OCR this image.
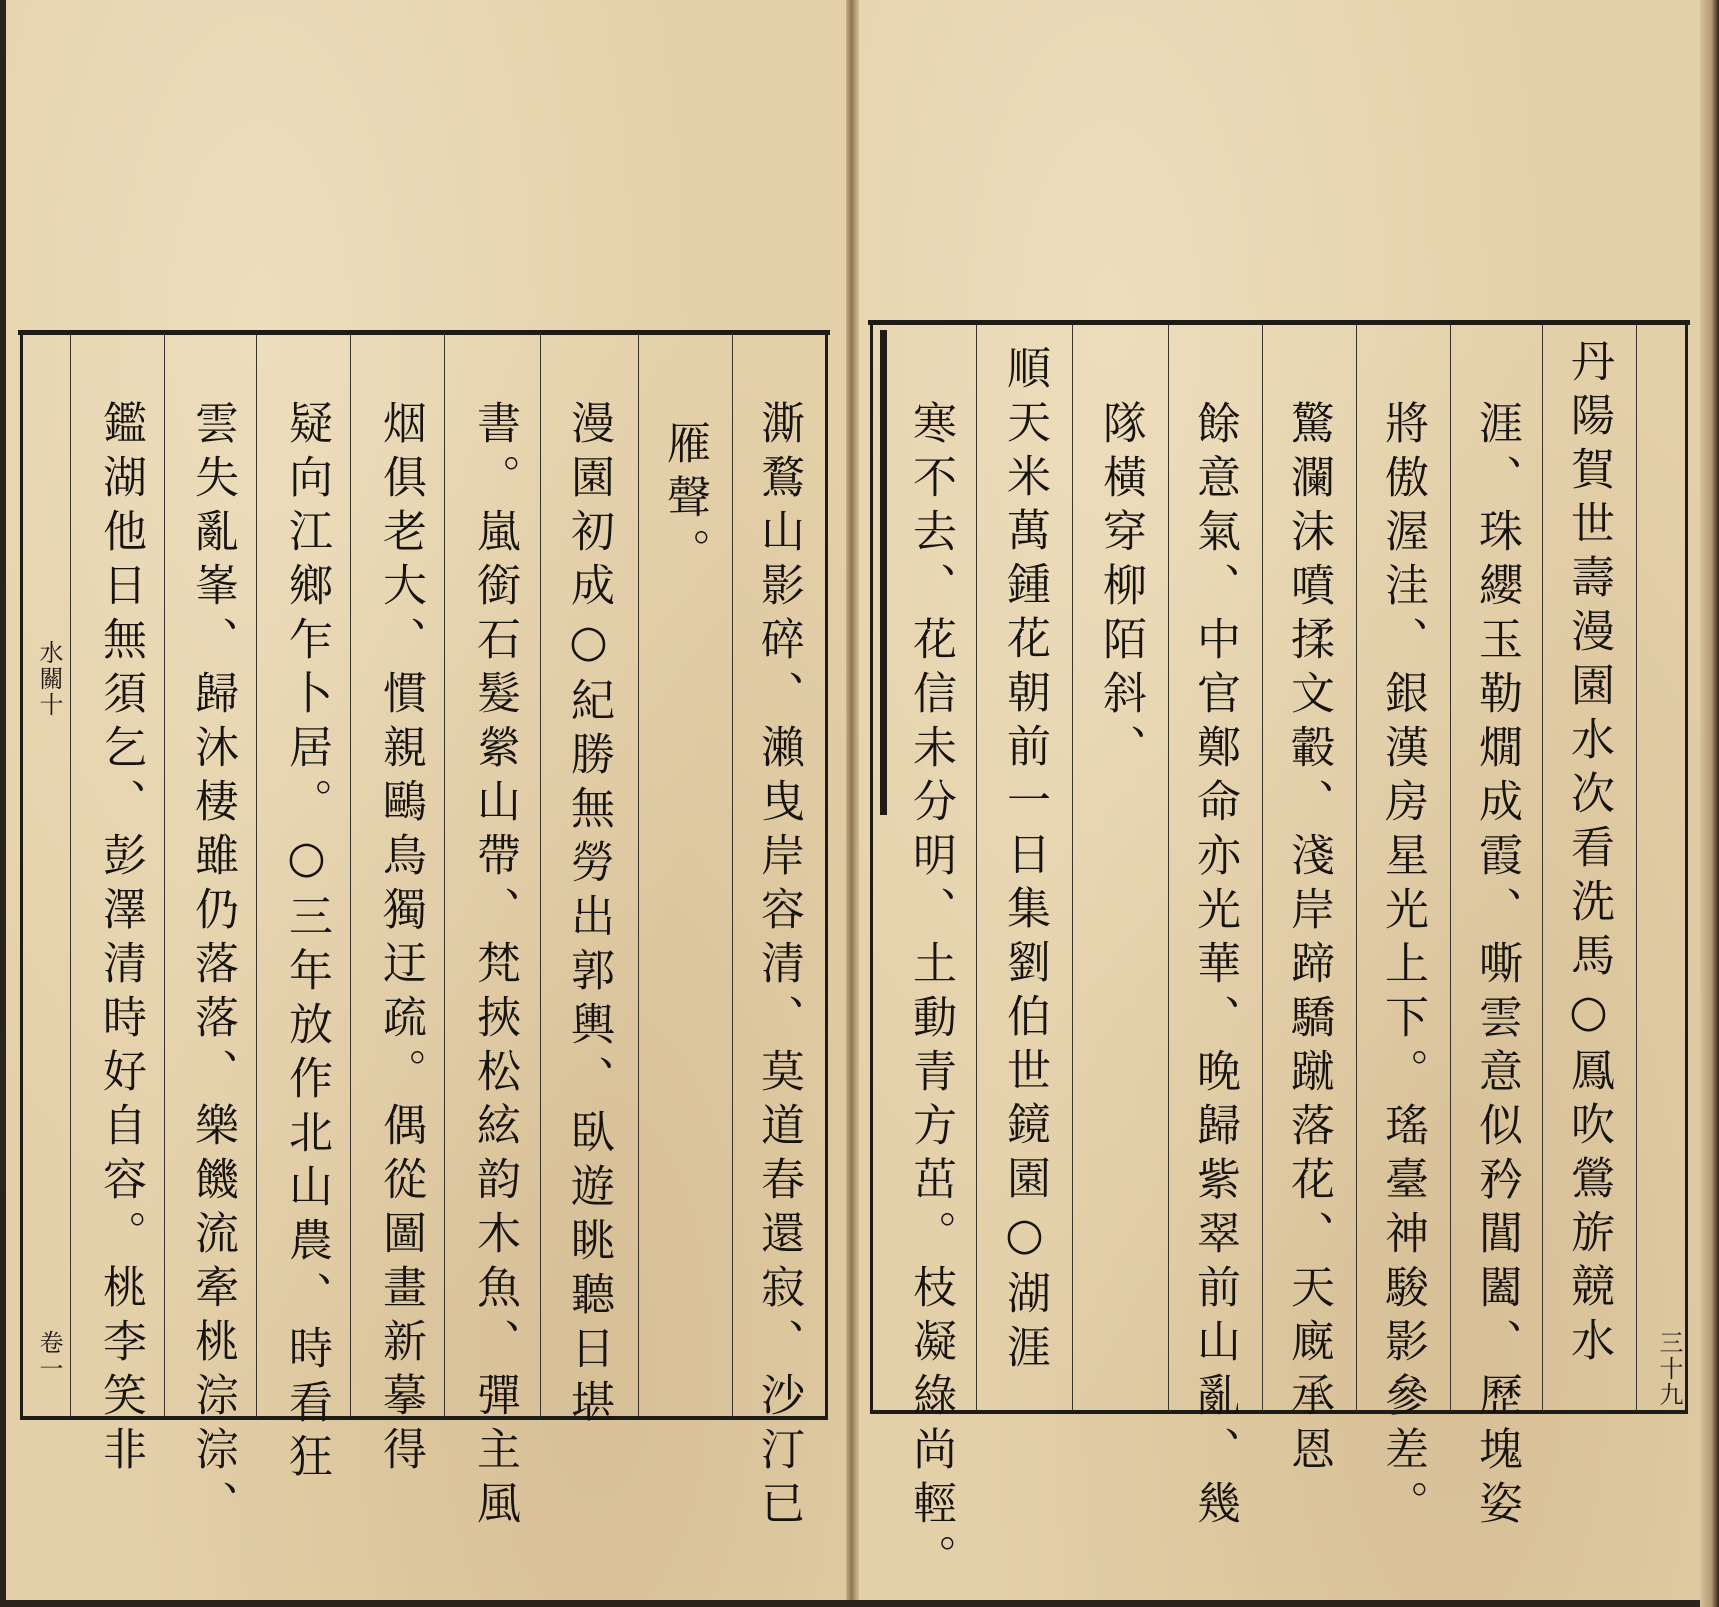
水關十
卷一	澌鶩山影碎、瀨曳岸容清、莫道春還寂、沙汀已
雁聲。
漫園初成○紀勝無勞出郭輿、臥遊眺聽日堪
書。嵐銜石髮縈山帶、梵挾松絃韵木魚、彈主風
烟俱老大、慣親鷗鳥獨迂疏。偶從圖畫新摹得
疑向江鄉乍卜居。○三年放作北山農、時看狂
雲失亂峯、歸沐棲雖仍落落、樂饑流牽桃淙淙、
鑑湖他日無須乞、彭澤清時好自容。桃李笑非	三十九
丹陽賀世壽漫園水次看洗馬○鳳吹鶯旂競水
涯、珠纓玉勒燗成霞、嘶雲意似矜閶闔、歷塊姿
將傲渥洼、銀漢房星光上下。瑤臺神駿影參差。
驚瀾沫噴揉文轂、淺岸蹄驕蹴落花、天廐承恩
餘意氣、中官鄭命亦光華、晚歸紫翠前山亂、幾
隊橫穿柳陌斜、
順天米萬鍾花朝前一日集劉伯世鏡園○湖涯
寒不去、花信未分明、土動青方茁。枝凝綠尚輕。
